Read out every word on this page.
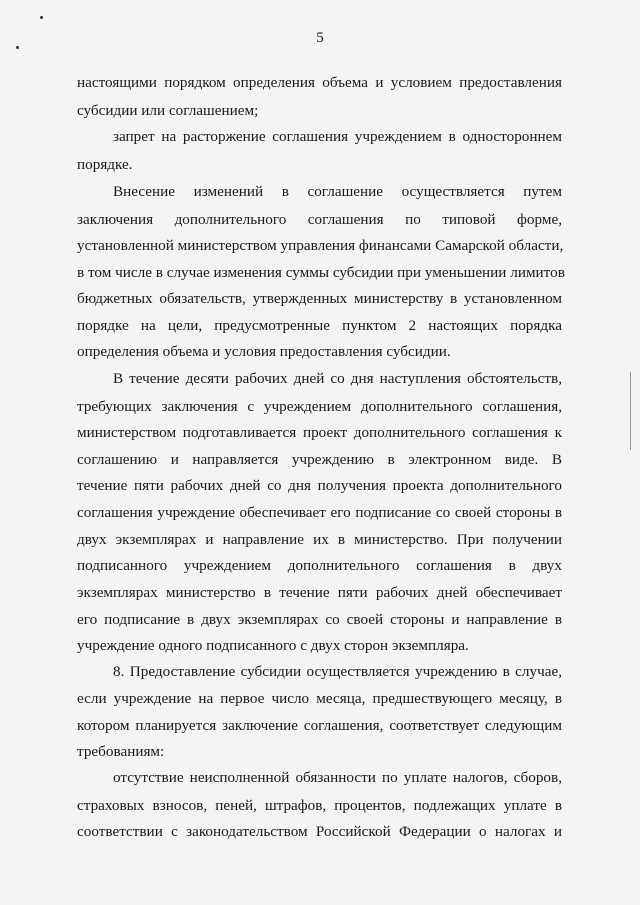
5
настоящими порядком определения объема и условием предоставления
субсидии или соглашением;
запрет на расторжение соглашения учреждением в одностороннем
порядке.
Внесение изменений в соглашение осуществляется путем
заключения дополнительного соглашения по типовой форме,
установленной министерством управления финансами Самарской области,
в том числе в случае изменения суммы субсидии при уменьшении лимитов
бюджетных обязательств, утвержденных министерству в установленном
порядке на цели, предусмотренные пунктом 2 настоящих порядка
определения объема и условия предоставления субсидии.
В течение десяти рабочих дней со дня наступления обстоятельств,
требующих заключения с учреждением дополнительного соглашения,
министерством подготавливается проект дополнительного соглашения к
соглашению и направляется учреждению в электронном виде. В
течение пяти рабочих дней со дня получения проекта дополнительного
соглашения учреждение обеспечивает его подписание со своей стороны в
двух экземплярах и направление их в министерство. При получении
подписанного учреждением дополнительного соглашения в двух
экземплярах министерство в течение пяти рабочих дней обеспечивает
его подписание в двух экземплярах со своей стороны и направление в
учреждение одного подписанного с двух сторон экземпляра.
8. Предоставление субсидии осуществляется учреждению в случае,
если учреждение на первое число месяца, предшествующего месяцу, в
котором планируется заключение соглашения, соответствует следующим
требованиям:
отсутствие неисполненной обязанности по уплате налогов, сборов,
страховых взносов, пеней, штрафов, процентов, подлежащих уплате в
соответствии с законодательством Российской Федерации о налогах и
